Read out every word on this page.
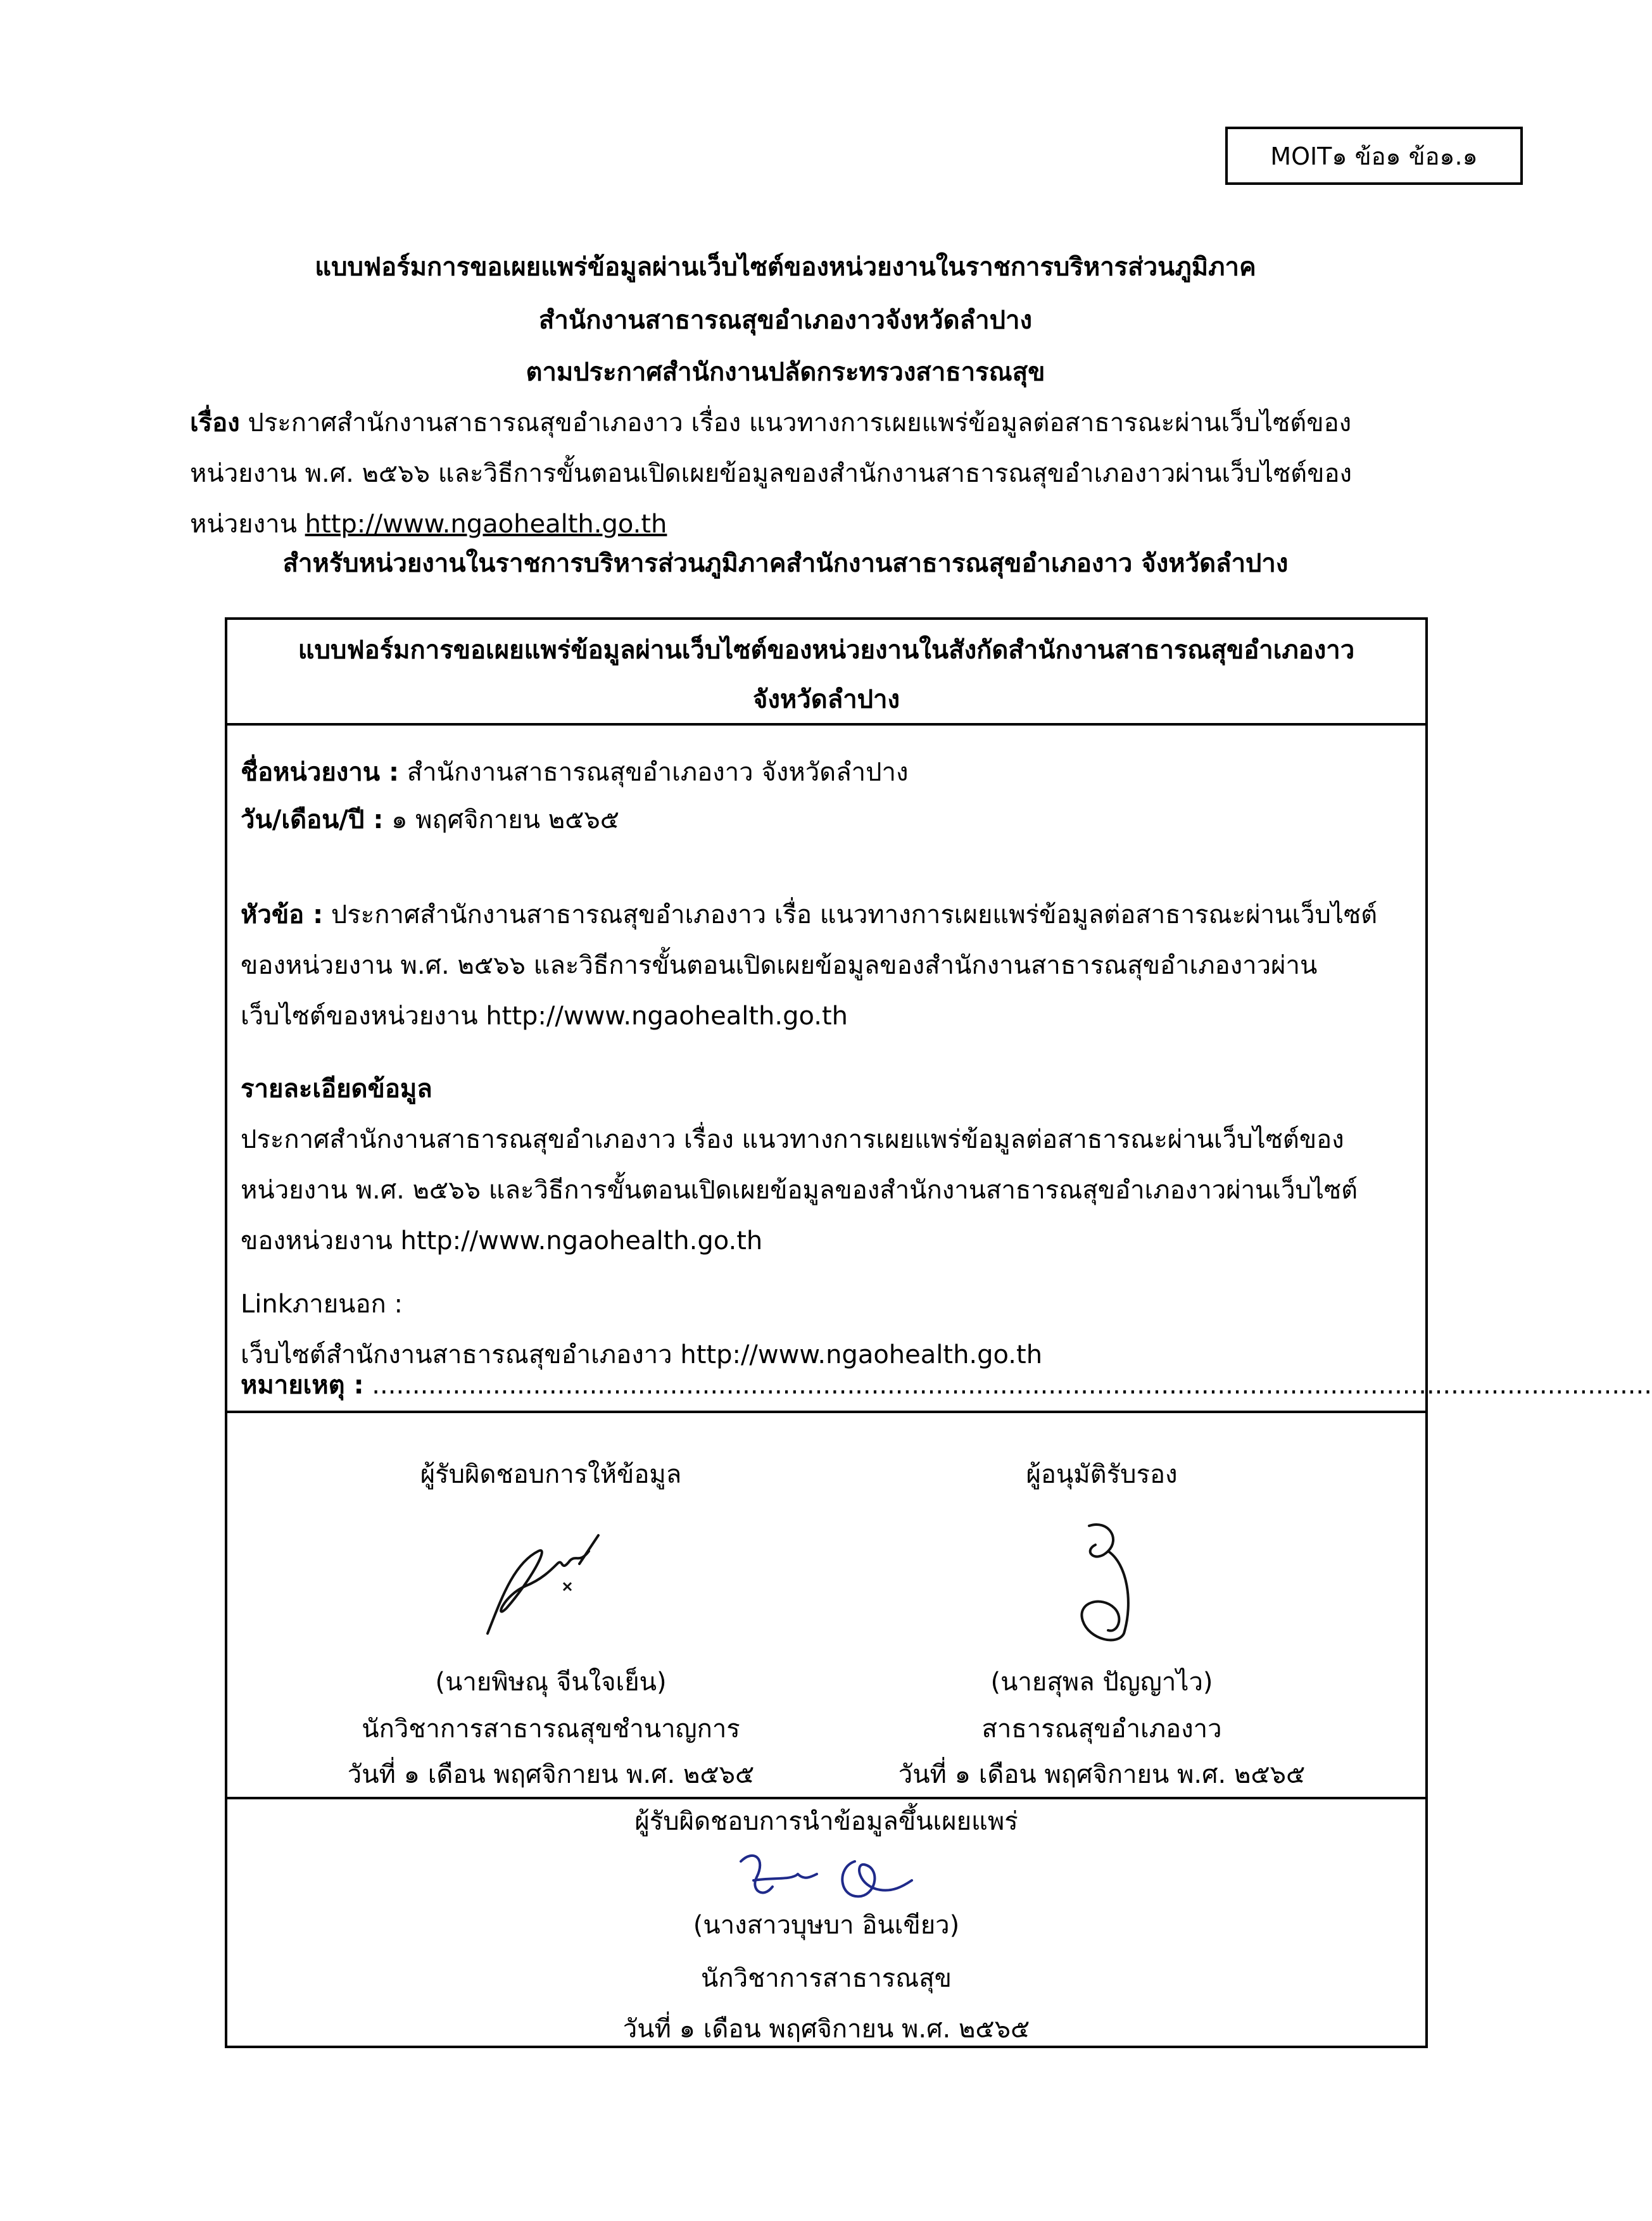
MOIT๑ ข้อ๑ ข้อ๑.๑
แบบฟอร์มการขอเผยแพร่ข้อมูลผ่านเว็บไซต์ของหน่วยงานในราชการบริหารส่วนภูมิภาค
สำนักงานสาธารณสุขอำเภองาวจังหวัดลำปาง
ตามประกาศสำนักงานปลัดกระทรวงสาธารณสุข
เรื่อง ประกาศสำนักงานสาธารณสุขอำเภองาว เรื่อง แนวทางการเผยแพร่ข้อมูลต่อสาธารณะผ่านเว็บไซต์ของ
หน่วยงาน พ.ศ. ๒๕๖๖ และวิธีการขั้นตอนเปิดเผยข้อมูลของสำนักงานสาธารณสุขอำเภองาวผ่านเว็บไซต์ของ
หน่วยงาน http://www.ngaohealth.go.th
สำหรับหน่วยงานในราชการบริหารส่วนภูมิภาคสำนักงานสาธารณสุขอำเภองาว จังหวัดลำปาง
แบบฟอร์มการขอเผยแพร่ข้อมูลผ่านเว็บไซต์ของหน่วยงานในสังกัดสำนักงานสาธารณสุขอำเภองาว
จังหวัดลำปาง
ชื่อหน่วยงาน : สำนักงานสาธารณสุขอำเภองาว จังหวัดลำปาง
วัน/เดือน/ปี : ๑ พฤศจิกายน ๒๕๖๕
หัวข้อ : ประกาศสำนักงานสาธารณสุขอำเภองาว เรื่อ แนวทางการเผยแพร่ข้อมูลต่อสาธารณะผ่านเว็บไซต์
ของหน่วยงาน พ.ศ. ๒๕๖๖ และวิธีการขั้นตอนเปิดเผยข้อมูลของสำนักงานสาธารณสุขอำเภองาวผ่าน
เว็บไซต์ของหน่วยงาน http://www.ngaohealth.go.th
รายละเอียดข้อมูล
ประกาศสำนักงานสาธารณสุขอำเภองาว เรื่อง แนวทางการเผยแพร่ข้อมูลต่อสาธารณะผ่านเว็บไซต์ของ
หน่วยงาน พ.ศ. ๒๕๖๖ และวิธีการขั้นตอนเปิดเผยข้อมูลของสำนักงานสาธารณสุขอำเภองาวผ่านเว็บไซต์
ของหน่วยงาน http://www.ngaohealth.go.th
Linkภายนอก :
เว็บไซต์สำนักงานสาธารณสุขอำเภองาว http://www.ngaohealth.go.th
หมายเหตุ : ...............................................................................................................................................................
ผู้รับผิดชอบการให้ข้อมูล
(นายพิษณุ จีนใจเย็น)
นักวิชาการสาธารณสุขชำนาญการ
วันที่ ๑ เดือน พฤศจิกายน พ.ศ. ๒๕๖๕
ผู้อนุมัติรับรอง
(นายสุพล ปัญญาไว)
สาธารณสุขอำเภองาว
วันที่ ๑ เดือน พฤศจิกายน พ.ศ. ๒๕๖๕
ผู้รับผิดชอบการนำข้อมูลขึ้นเผยแพร่
(นางสาวบุษบา อินเขียว)
นักวิชาการสาธารณสุข
วันที่ ๑ เดือน พฤศจิกายน พ.ศ. ๒๕๖๕
